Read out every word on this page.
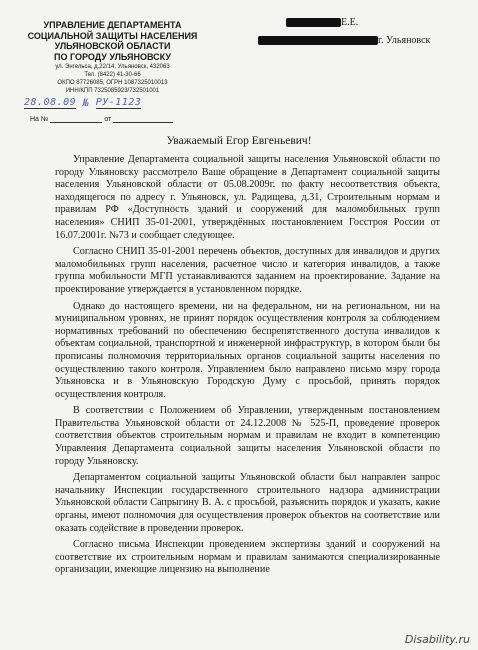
УПРАВЛЕНИЕ ДЕПАРТАМЕНТА
СОЦИАЛЬНОЙ ЗАЩИТЫ НАСЕЛЕНИЯ
УЛЬЯНОВСКОЙ ОБЛАСТИ
ПО ГОРОДУ УЛЬЯНОВСКУ
ул. Энгельса, д.22/14, Ульяновск, 432063
Тел. (8422) 41-30-66
ОКПО 87726085, ОГРН 1087325010013
ИНН/КПП 7325085923/732501001
28.08.09 № РУ-1123
На №	от
Е.Е.
г. Ульяновск
Уважаемый Егор Евгеньевич!

Управление Департамента социальной защиты населения Ульяновской области по городу Ульяновску рассмотрело Ваше обращение в Департамент социальной защиты населения Ульяновской области от 05.08.2009г. по факту несоответствия объекта, находящегося по адресу г. Ульяновск, ул. Радищева, д.31, Строительным нормам и правилам РФ «Доступность зданий и сооружений для маломобильных групп населения» СНИП 35-01-2001, утверждённых постановлением Госстроя России от 16.07.2001г. №73 и сообщает следующее.

Согласно СНИП 35-01-2001 перечень объектов, доступных для инвалидов и других маломобильных групп населения, расчетное число и категория инвалидов, а также группа мобильности МГП устанавливаются заданием на проектирование. Задание на проектирование утверждается в установленном порядке.

Однако до настоящего времени, ни на федеральном, ни на региональном, ни на муниципальном уровнях, не принят порядок осуществления контроля за соблюдением нормативных требований по обеспечению беспрепятственного доступа инвалидов к объектам социальной, транспортной и инженерной инфраструктур, в котором были бы прописаны полномочия территориальных органов социальной защиты населения по осуществлению такого контроля. Управлением было направлено письмо мэру города Ульяновска и в Ульяновскую Городскую Думу с просьбой, принять порядок осуществления контроля.

В соответствии с Положением об Управлении, утвержденным постановлением Правительства Ульяновской области от 24.12.2008 № 525-П, проведение проверок соответствия объектов строительным нормам и правилам не входит в компетенцию Управления Департамента социальной защиты населения Ульяновской области по городу Ульяновску.

Департаментом социальной защиты Ульяновской области был направлен запрос начальнику Инспекции государственного строительного надзора администрации Ульяновской области Сапрыгину В. А. с просьбой, разъяснить порядок и указать, какие органы, имеют полномочия для осуществления проверок объектов на соответствие или оказать содействие в проведении проверок.

Согласно письма Инспекции проведением экспертизы зданий и сооружений на соответствие их строительным нормам и правилам занимаются специализированные организации, имеющие лицензию на выполнение

Disability.ru
